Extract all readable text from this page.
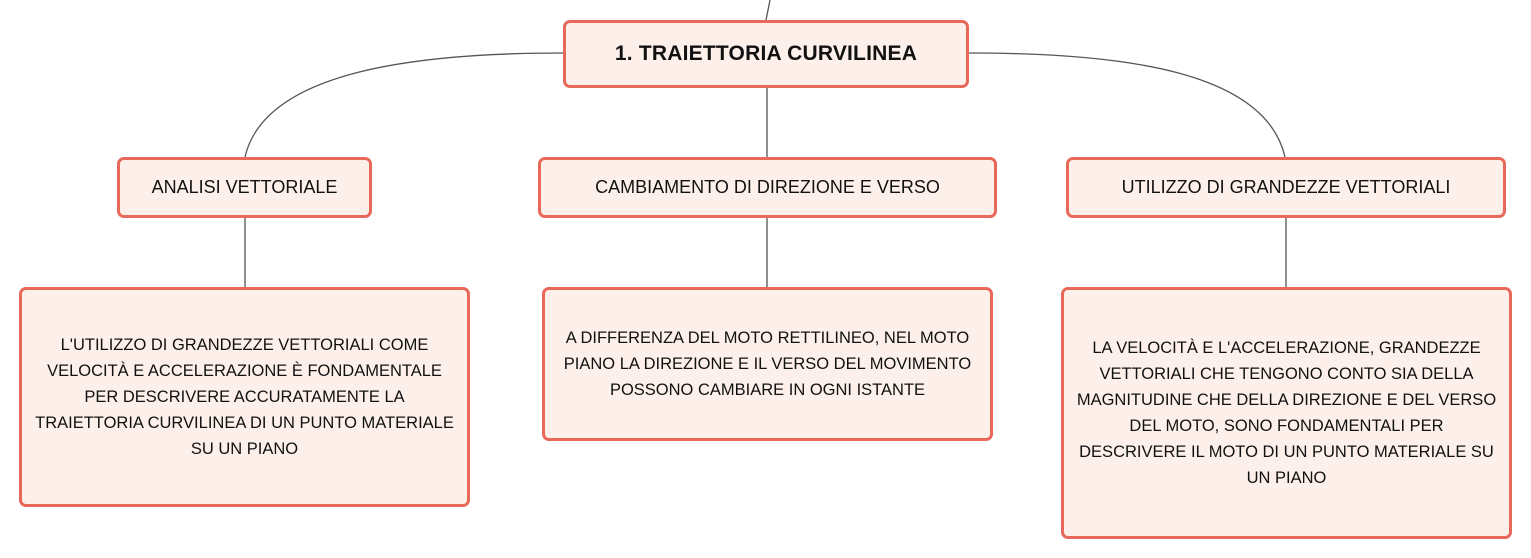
1. TRAIETTORIA CURVILINEA
ANALISI VETTORIALE	CAMBIAMENTO DI DIREZIONE E VERSO	UTILIZZO DI GRANDEZZE VETTORIALI
L'UTILIZZO DI GRANDEZZE VETTORIALI COME VELOCITÀ E ACCELERAZIONE È FONDAMENTALE PER DESCRIVERE ACCURATAMENTE LA TRAIETTORIA CURVILINEA DI UN PUNTO MATERIALE SU UN PIANO
A DIFFERENZA DEL MOTO RETTILINEO, NEL MOTO PIANO LA DIREZIONE E IL VERSO DEL MOVIMENTO POSSONO CAMBIARE IN OGNI ISTANTE
LA VELOCITÀ E L'ACCELERAZIONE, GRANDEZZE VETTORIALI CHE TENGONO CONTO SIA DELLA MAGNITUDINE CHE DELLA DIREZIONE E DEL VERSO DEL MOTO, SONO FONDAMENTALI PER DESCRIVERE IL MOTO DI UN PUNTO MATERIALE SU UN PIANO
